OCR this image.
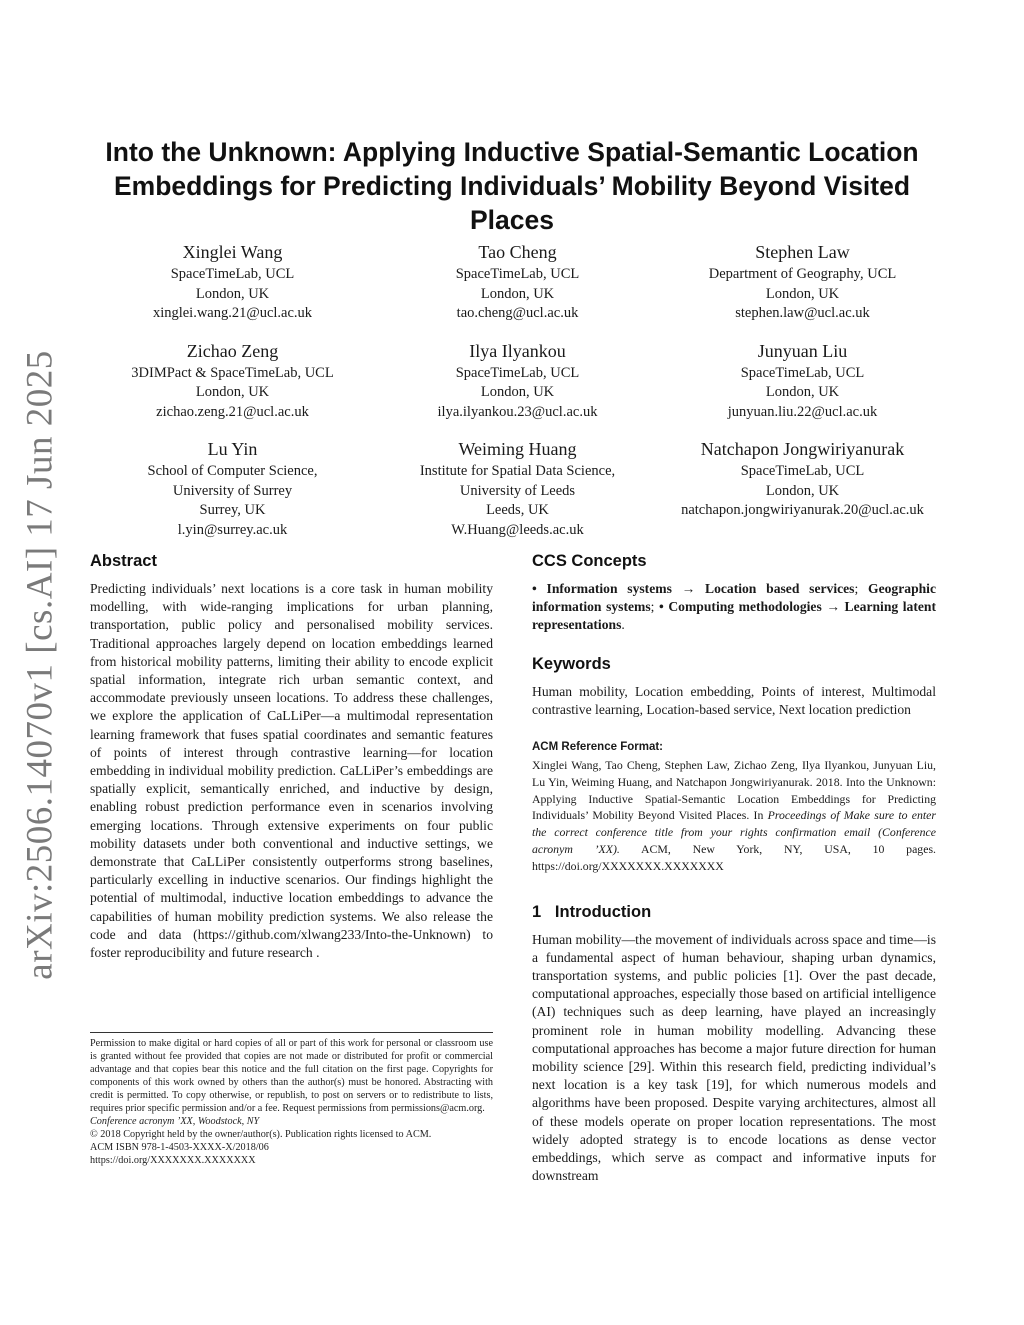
arXiv:2506.14070v1 [cs.AI] 17 Jun 2025
Into the Unknown: Applying Inductive Spatial-Semantic Location Embeddings for Predicting Individuals’ Mobility Beyond Visited Places
Xinglei Wang
SpaceTimeLab, UCL
London, UK
xinglei.wang.21@ucl.ac.uk
Tao Cheng
SpaceTimeLab, UCL
London, UK
tao.cheng@ucl.ac.uk
Stephen Law
Department of Geography, UCL
London, UK
stephen.law@ucl.ac.uk
Zichao Zeng
3DIMPact & SpaceTimeLab, UCL
London, UK
zichao.zeng.21@ucl.ac.uk
Ilya Ilyankou
SpaceTimeLab, UCL
London, UK
ilya.ilyankou.23@ucl.ac.uk
Junyuan Liu
SpaceTimeLab, UCL
London, UK
junyuan.liu.22@ucl.ac.uk
Lu Yin
School of Computer Science,
University of Surrey
Surrey, UK
l.yin@surrey.ac.uk
Weiming Huang
Institute for Spatial Data Science,
University of Leeds
Leeds, UK
W.Huang@leeds.ac.uk
Natchapon Jongwiriyanurak
SpaceTimeLab, UCL
London, UK
natchapon.jongwiriyanurak.20@ucl.ac.uk
Abstract

Predicting individuals’ next locations is a core task in human mobility modelling, with wide-ranging implications for urban planning, transportation, public policy and personalised mobility services. Traditional approaches largely depend on location embeddings learned from historical mobility patterns, limiting their ability to encode explicit spatial information, integrate rich urban semantic context, and accommodate previously unseen locations. To address these challenges, we explore the application of CaLLiPer—a multimodal representation learning framework that fuses spatial coordinates and semantic features of points of interest through contrastive learning—for location embedding in individual mobility prediction. CaLLiPer’s embeddings are spatially explicit, semantically enriched, and inductive by design, enabling robust prediction performance even in scenarios involving emerging locations. Through extensive experiments on four public mobility datasets under both conventional and inductive settings, we demonstrate that CaLLiPer consistently outperforms strong baselines, particularly excelling in inductive scenarios. Our findings highlight the potential of multimodal, inductive location embeddings to advance the capabilities of human mobility prediction systems. We also release the code and data (https://github.com/xlwang233/Into-the-Unknown) to foster reproducibility and future research .

Permission to make digital or hard copies of all or part of this work for personal or classroom use is granted without fee provided that copies are not made or distributed for profit or commercial advantage and that copies bear this notice and the full citation on the first page. Copyrights for components of this work owned by others than the author(s) must be honored. Abstracting with credit is permitted. To copy otherwise, or republish, to post on servers or to redistribute to lists, requires prior specific permission and/or a fee. Request permissions from permissions@acm.org.
Conference acronym ’XX, Woodstock, NY
© 2018 Copyright held by the owner/author(s). Publication rights licensed to ACM.
ACM ISBN 978-1-4503-XXXX-X/2018/06
https://doi.org/XXXXXXX.XXXXXXX
CCS Concepts

• Information systems → Location based services; Geographic information systems; • Computing methodologies → Learning latent representations.

Keywords

Human mobility, Location embedding, Points of interest, Multimodal contrastive learning, Location-based service, Next location prediction

ACM Reference Format:

Xinglei Wang, Tao Cheng, Stephen Law, Zichao Zeng, Ilya Ilyankou, Junyuan Liu, Lu Yin, Weiming Huang, and Natchapon Jongwiriyanurak. 2018. Into the Unknown: Applying Inductive Spatial-Semantic Location Embeddings for Predicting Individuals’ Mobility Beyond Visited Places. In Proceedings of Make sure to enter the correct conference title from your rights confirmation email (Conference acronym ’XX). ACM, New York, NY, USA, 10 pages. https://doi.org/XXXXXXX.XXXXXXX

1   Introduction

Human mobility—the movement of individuals across space and time—is a fundamental aspect of human behaviour, shaping urban dynamics, transportation systems, and public policies [1]. Over the past decade, computational approaches, especially those based on artificial intelligence (AI) techniques such as deep learning, have played an increasingly prominent role in human mobility modelling. Advancing these computational approaches has become a major future direction for human mobility science [29]. Within this research field, predicting individual’s next location is a key task [19], for which numerous models and algorithms have been proposed. Despite varying architectures, almost all of these models operate on proper location representations. The most widely adopted strategy is to encode locations as dense vector embeddings, which serve as compact and informative inputs for downstream
